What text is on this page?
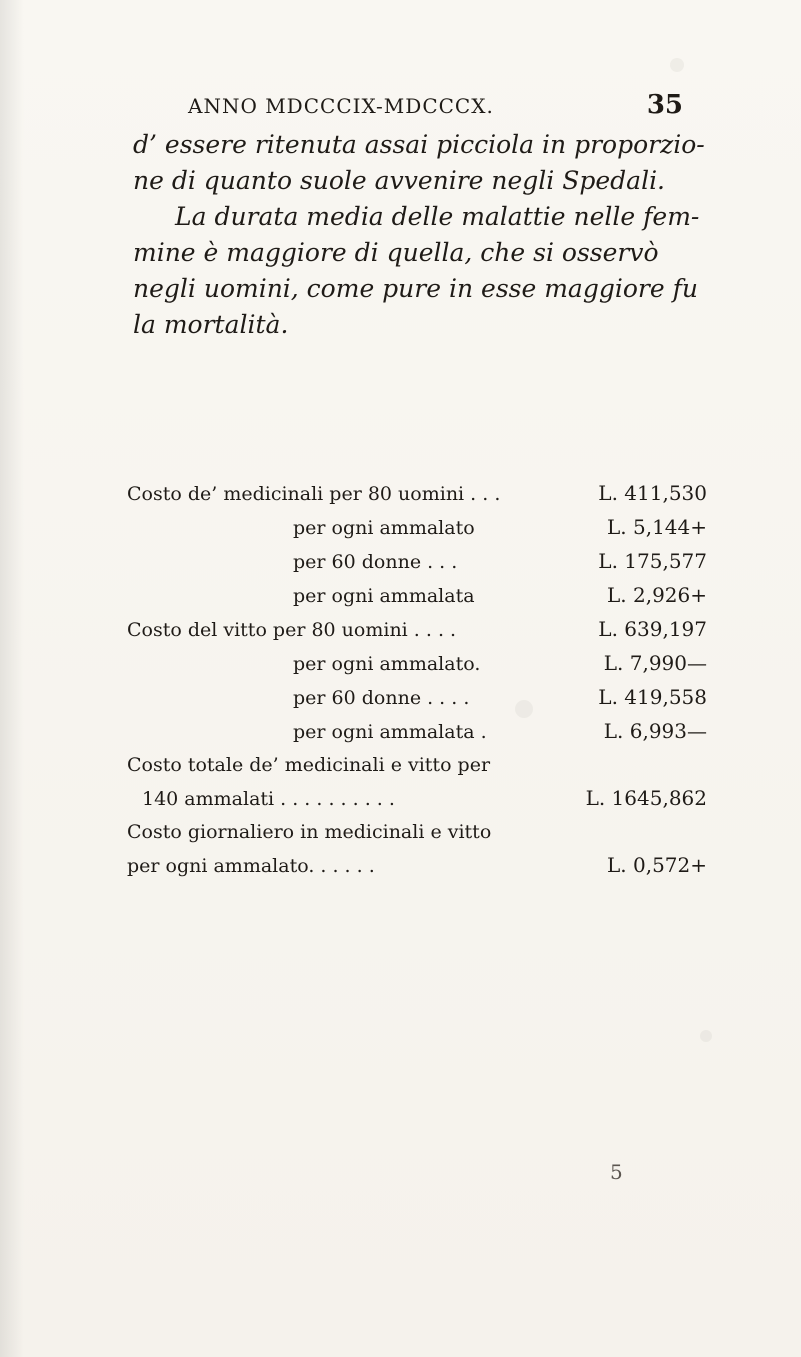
ANNO MDCCCIX-MDCCCX.	35
d’ essere ritenuta assai picciola in proporzio-
ne di quanto suole avvenire negli Spedali.
La durata media delle malattie nelle fem-
mine è maggiore di quella, che si osservò
negli uomini, come pure in esse maggiore fu
la mortalità.
Costo de’ medicinali per 80 uomini . . .	L. 411,530
per ogni ammalato	L. 5,144+
per 60 donne . . .	L. 175,577
per ogni ammalata	L. 2,926+
Costo del vitto per 80 uomini . . . .	L. 639,197
per ogni ammalato.	L. 7,990—
per 60 donne . . . .	L. 419,558
per ogni ammalata .	L. 6,993—
Costo totale de’ medicinali e vitto per
140 ammalati . . . . . . . . . .	L. 1645,862
Costo giornaliero in medicinali e vitto
per ogni ammalato. . . . . .	L. 0,572+
5
